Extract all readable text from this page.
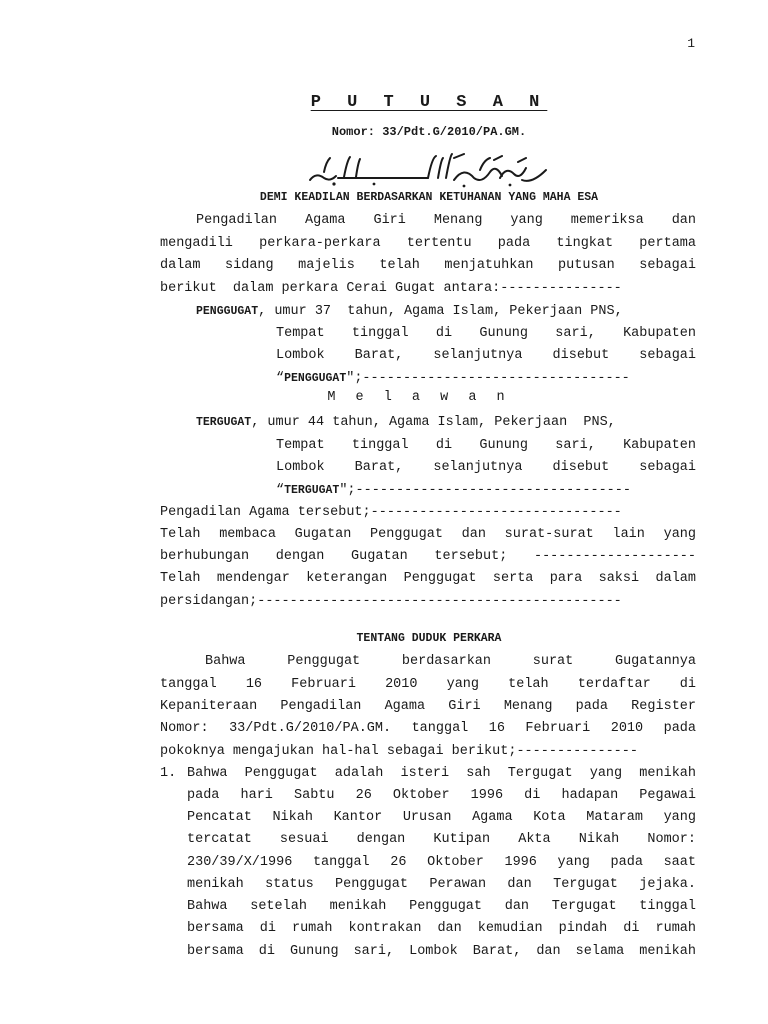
1
P U T U S A N
Nomor: 33/Pdt.G/2010/PA.GM.
DEMI KEADILAN BERDASARKAN KETUHANAN YANG MAHA ESA
Pengadilan Agama Giri Menang yang memeriksa dan
mengadili perkara-perkara tertentu pada tingkat pertama
dalam sidang majelis telah menjatuhkan putusan sebagai
berikut  dalam perkara Cerai Gugat antara:---------------
PENGGUGAT, umur 37  tahun, Agama Islam, Pekerjaan PNS,
Tempat tinggal di Gunung sari, Kabupaten
Lombok Barat, selanjutnya disebut sebagai
“PENGGUGAT";---------------------------------
M e l a w a n
TERGUGAT, umur 44 tahun, Agama Islam, Pekerjaan  PNS,
Tempat tinggal di Gunung sari, Kabupaten
Lombok Barat, selanjutnya disebut sebagai
“TERGUGAT";----------------------------------
Pengadilan Agama tersebut;-------------------------------
Telah membaca Gugatan Penggugat dan surat-surat lain yang
berhubungan dengan Gugatan tersebut; --------------------
Telah mendengar keterangan Penggugat serta para saksi dalam
persidangan;---------------------------------------------
TENTANG DUDUK PERKARA
Bahwa Penggugat berdasarkan surat Gugatannya
tanggal 16 Februari 2010 yang telah terdaftar di
Kepaniteraan Pengadilan Agama Giri Menang pada Register
Nomor: 33/Pdt.G/2010/PA.GM. tanggal 16 Februari 2010 pada
pokoknya mengajukan hal-hal sebagai berikut;---------------
1. Bahwa Penggugat adalah isteri sah Tergugat yang menikah
pada hari Sabtu 26 Oktober 1996 di hadapan Pegawai
Pencatat Nikah Kantor Urusan Agama Kota Mataram yang
tercatat sesuai dengan Kutipan Akta Nikah Nomor:
230/39/X/1996 tanggal 26 Oktober 1996 yang pada saat
menikah status Penggugat Perawan dan Tergugat jejaka.
Bahwa setelah menikah Penggugat dan Tergugat tinggal
bersama di rumah kontrakan dan kemudian pindah di rumah
bersama di Gunung sari, Lombok Barat, dan selama menikah
